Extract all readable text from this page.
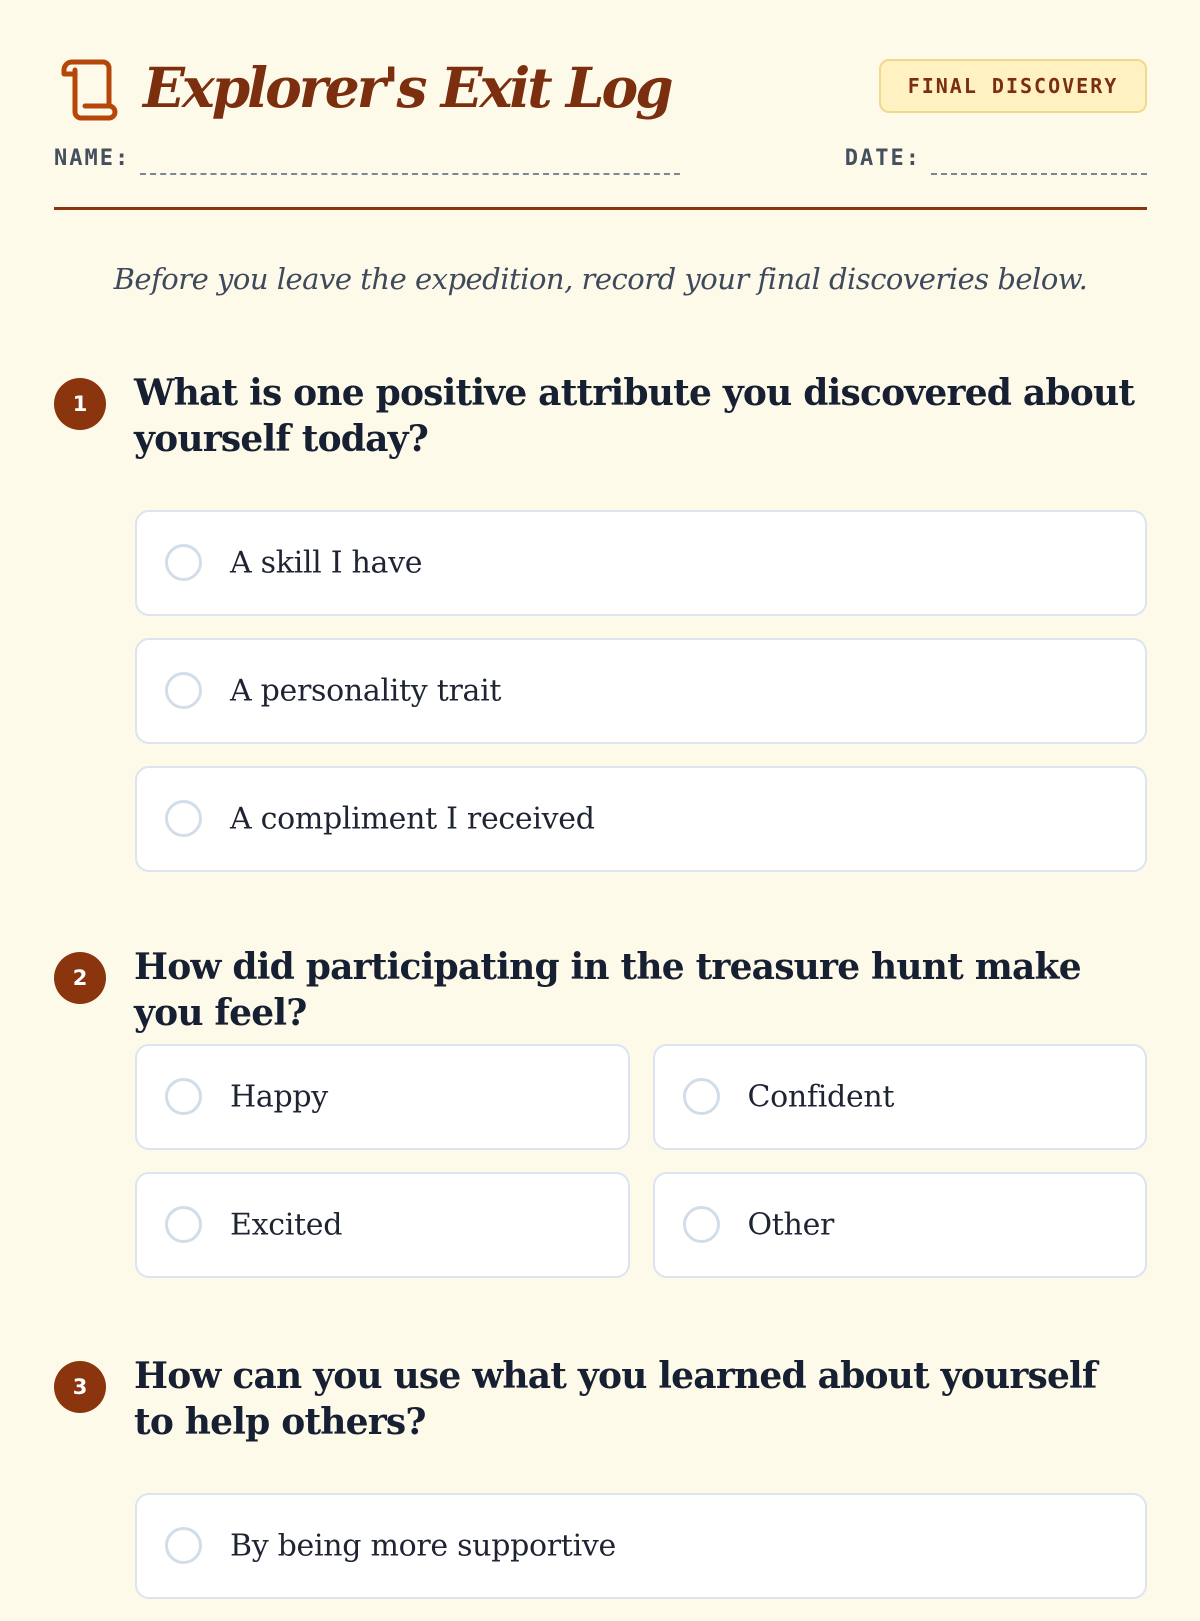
Explorer's Exit Log	FINAL DISCOVERY
NAME:	DATE:

Before you leave the expedition, record your final discoveries below.

1	What is one positive attribute you discovered about yourself today?
A skill I have
A personality trait
A compliment I received
2	How did participating in the treasure hunt make you feel?
Happy	Confident
Excited	Other
3	How can you use what you learned about yourself to help others?
By being more supportive
